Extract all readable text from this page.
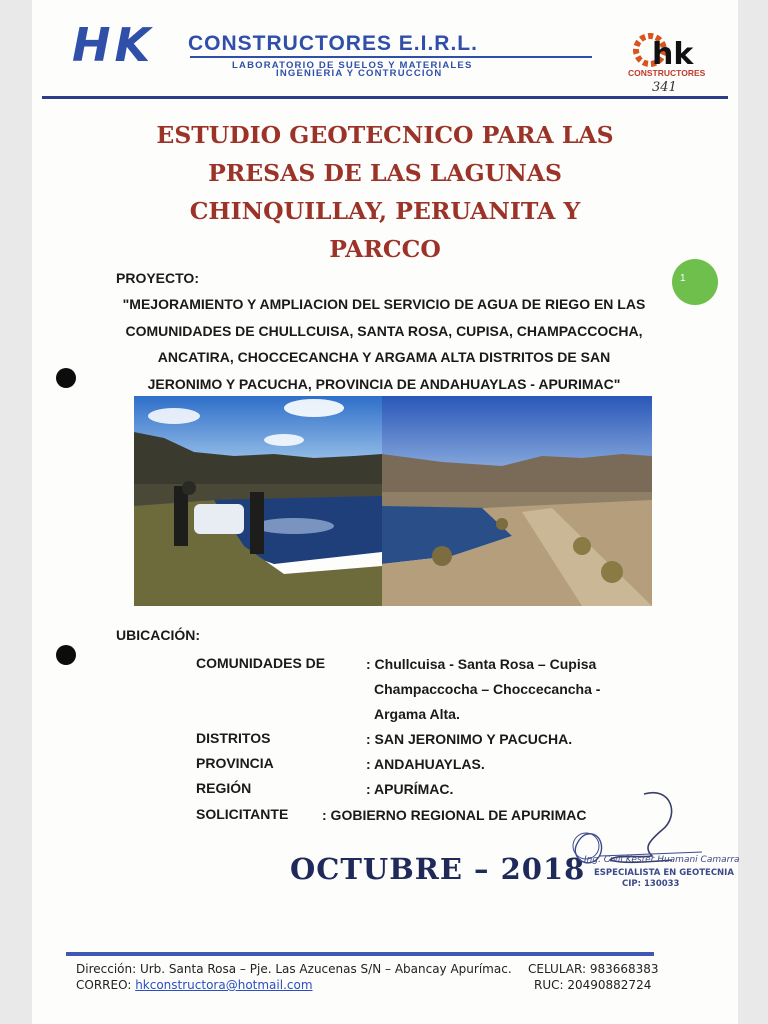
HK CONSTRUCTORES E.I.R.L.
LABORATORIO DE SUELOS Y MATERIALES
INGENIERIA Y CONTRUCCION
hk
CONSTRUCTORES
341
ESTUDIO GEOTECNICO PARA LAS
PRESAS DE LAS LAGUNAS
CHINQUILLAY, PERUANITA Y
PARCCO
PROYECTO:
"MEJORAMIENTO Y AMPLIACION DEL SERVICIO DE AGUA DE RIEGO EN LAS
COMUNIDADES DE CHULLCUISA, SANTA ROSA, CUPISA, CHAMPACCOCHA,
ANCATIRA, CHOCCECANCHA Y ARGAMA ALTA DISTRITOS DE SAN
JERONIMO Y PACUCHA, PROVINCIA DE ANDAHUAYLAS - APURIMAC"
1
UBICACIÓN:
COMUNIDADES DE	: Chullcuisa - Santa Rosa – Cupisa
Champaccocha – Choccecancha -
Argama Alta.
DISTRITOS	: SAN JERONIMO Y PACUCHA.
PROVINCIA	: ANDAHUAYLAS.
REGIÓN	: APURÍMAC.
SOLICITANTE : GOBIERNO REGIONAL DE APURIMAC
OCTUBRE – 2018
Ing. Civil Kester Huamani Camarra
ESPECIALISTA EN GEOTECNIA
CIP: 130033
Dirección: Urb. Santa Rosa – Pje. Las Azucenas S/N – Abancay Apurímac.
CORREO: hkconstructora@hotmail.com
CELULAR: 983668383
RUC: 20490882724
